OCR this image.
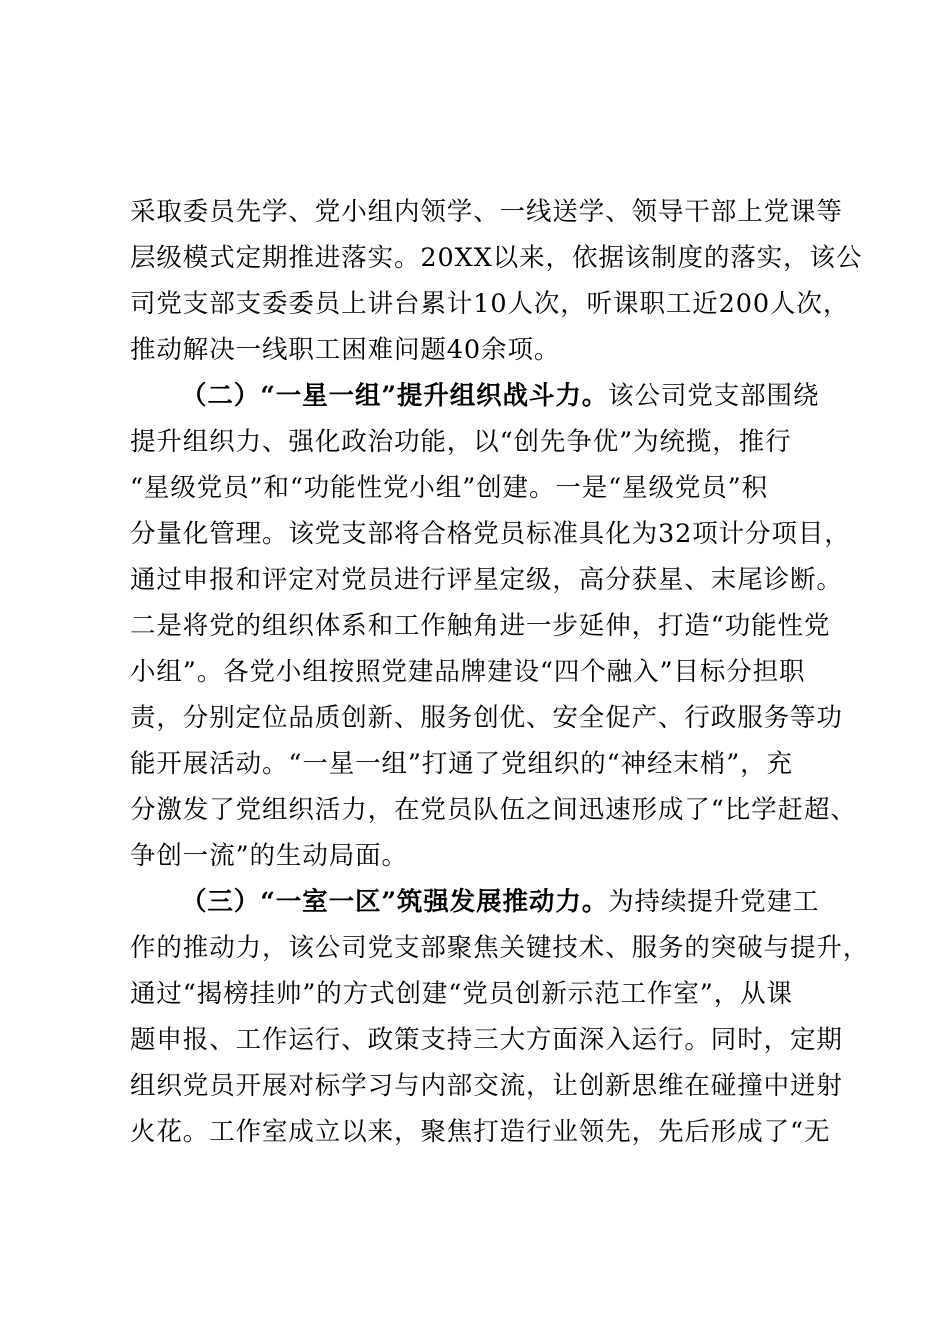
采取委员先学、党小组内领学、一线送学、领导干部上党课等
层级模式定期推进落实。20XX以来，依据该制度的落实，该公
司党支部支委委员上讲台累计10人次，听课职工近200人次，
推动解决一线职工困难问题40余项。
（二）“一星一组”提升组织战斗力。该公司党支部围绕
提升组织力、强化政治功能，以“创先争优”为统揽，推行
“星级党员”和“功能性党小组”创建。一是“星级党员”积
分量化管理。该党支部将合格党员标准具化为32项计分项目，
通过申报和评定对党员进行评星定级，高分获星、末尾诊断。
二是将党的组织体系和工作触角进一步延伸，打造“功能性党
小组”。各党小组按照党建品牌建设“四个融入”目标分担职
责，分别定位品质创新、服务创优、安全促产、行政服务等功
能开展活动。“一星一组”打通了党组织的“神经末梢”，充
分激发了党组织活力，在党员队伍之间迅速形成了“比学赶超、
争创一流”的生动局面。
（三）“一室一区”筑强发展推动力。为持续提升党建工
作的推动力，该公司党支部聚焦关键技术、服务的突破与提升，
通过“揭榜挂帅”的方式创建“党员创新示范工作室”，从课
题申报、工作运行、政策支持三大方面深入运行。同时，定期
组织党员开展对标学习与内部交流，让创新思维在碰撞中迸射
火花。工作室成立以来，聚焦打造行业领先，先后形成了“无
